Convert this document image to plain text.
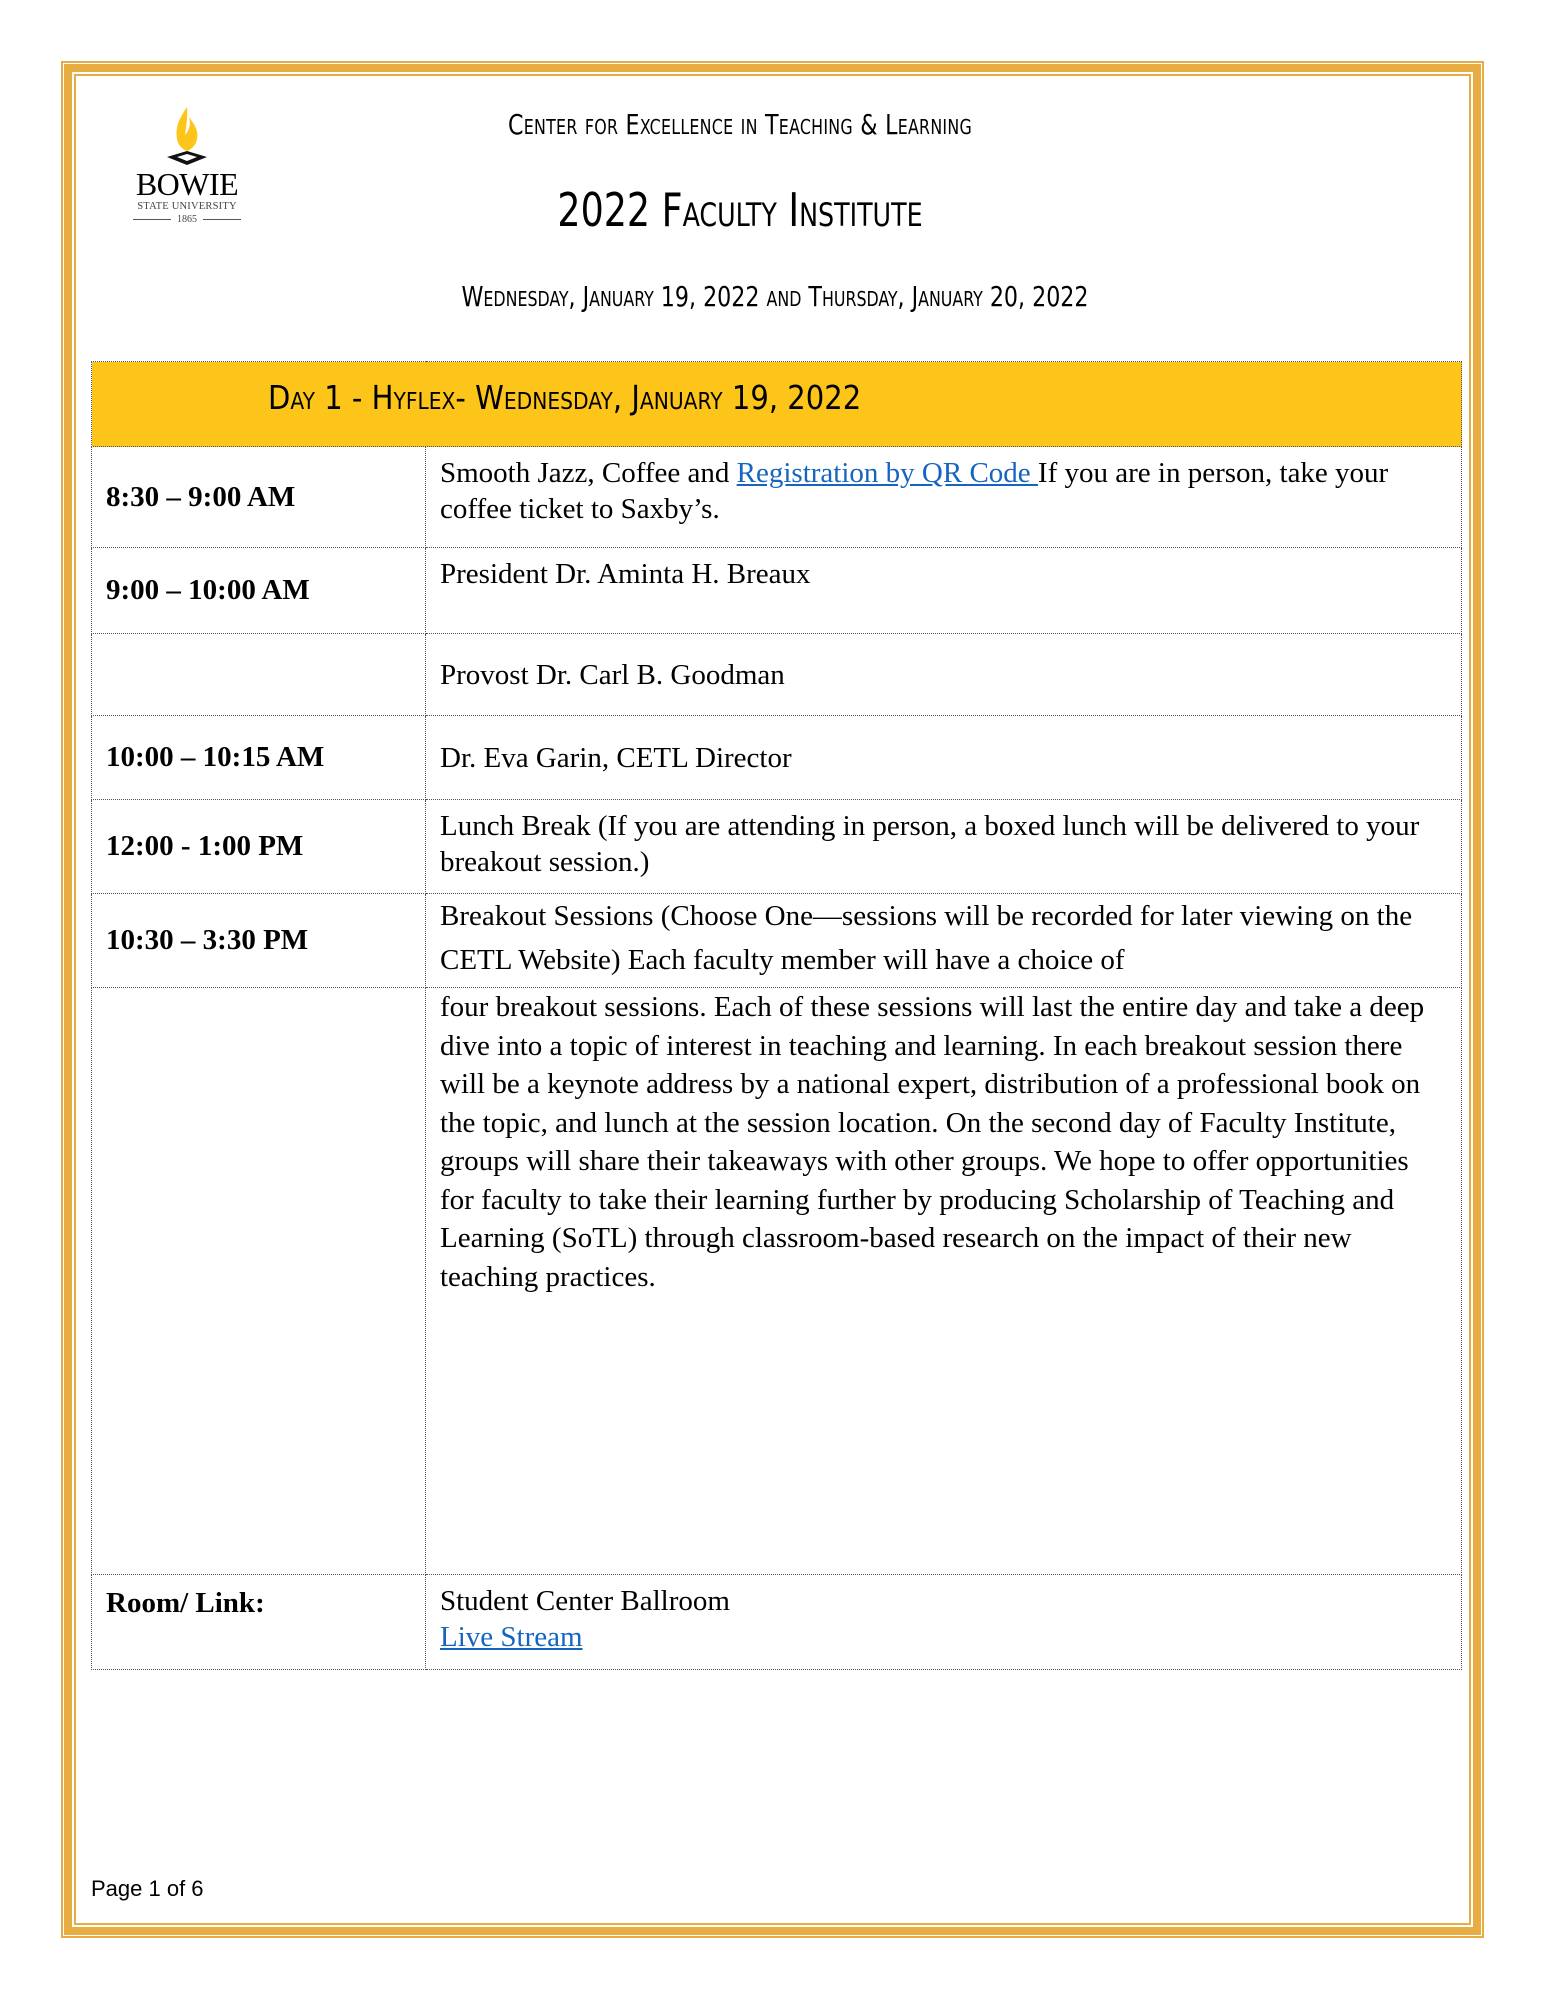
BOWIE
STATE UNIVERSITY
1865
Center for Excellence in Teaching & Learning
2022 Faculty Institute
Wednesday, January 19, 2022 and Thursday, January 20, 2022
Day 1 - Hyflex- Wednesday, January 19, 2022	

8:30 – 9:00 AM	Smooth Jazz, Coffee and Registration by QR Code If you are in person, take your coffee ticket to Saxby’s.
9:00 – 10:00 AM	President Dr. Aminta H. Breaux
	Provost Dr. Carl B. Goodman
10:00 – 10:15 AM	Dr. Eva Garin, CETL Director
12:00 - 1:00 PM	Lunch Break (If you are attending in person, a boxed lunch will be delivered to your breakout session.)
10:30 – 3:30 PM	Breakout Sessions (Choose One—sessions will be recorded for later viewing on the CETL Website) Each faculty member will have a choice of
	four breakout sessions. Each of these sessions will last the entire day and take a deep dive into a topic of interest in teaching and learning. In each breakout session there will be a keynote address by a national expert, distribution of a professional book on the topic, and lunch at the session location. On the second day of Faculty Institute, groups will share their takeaways with other groups. We hope to offer opportunities for faculty to take their learning further by producing Scholarship of Teaching and Learning (SoTL) through classroom-based research on the impact of their new teaching practices.
Room/ Link:	Student Center Ballroom
Live Stream
Page 1 of 6
